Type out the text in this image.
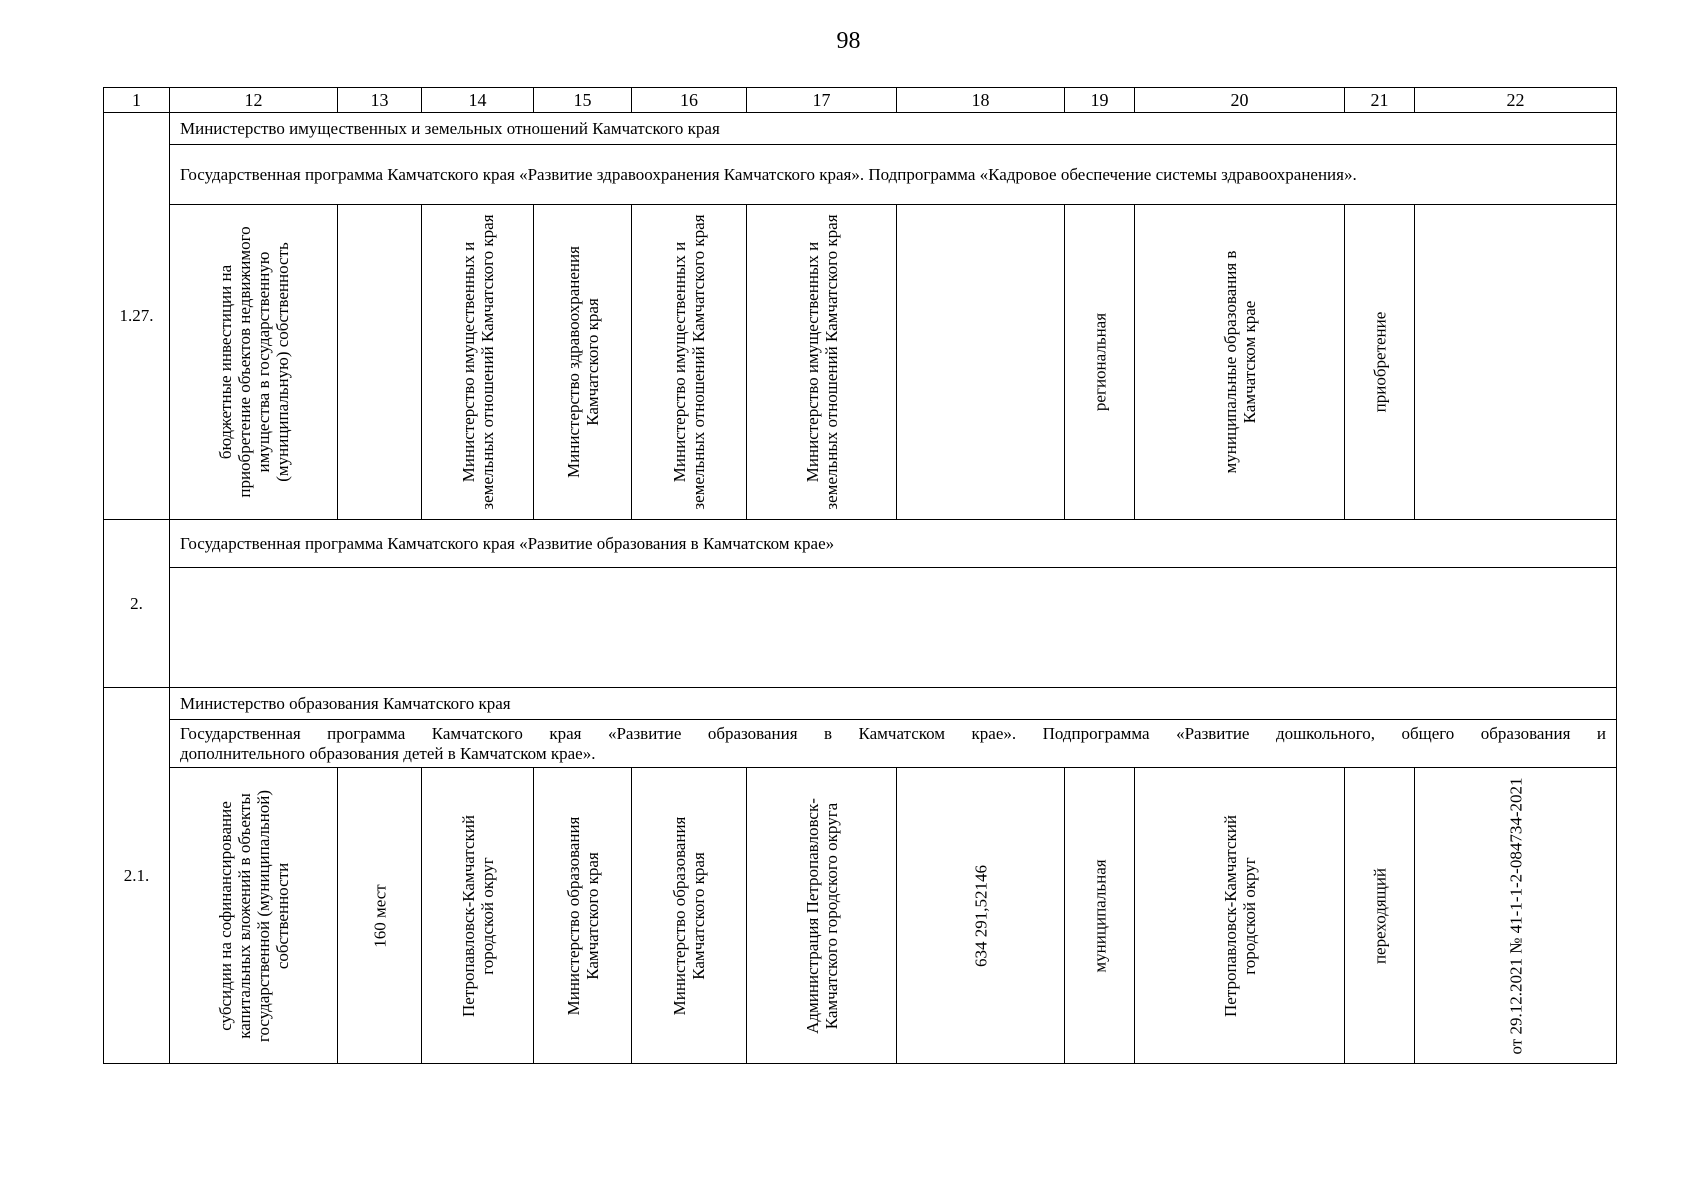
98
1	12	13	14	15	16	17	18	19	20	21	22
1.27.	Министерство имущественных и земельных отношений Камчатского края										
	Государственная программа Камчатского края «Развитие здравоохранения Камчатского края». Подпрограмма «Кадровое обеспечение системы здравоохранения».										

	бюджетные инвестиции на приобретение объектов недвижимого имущества в государственную (муниципальную) собственность		Министерство имущественных и земельных отношений Камчатского края	Министерство здравоохранения Камчатского края	Министерство имущественных и земельных отношений Камчатского края	Министерство имущественных и земельных отношений Камчатского края		региональная	муниципальные образования в Камчатском крае	приобретение	

2.	Государственная программа Камчатского края «Развитие образования в Камчатском крае»										

2.1.	Министерство образования Камчатского края										

	Государственная программа Камчатского края «Развитие образования в Камчатском крае». Подпрограмма «Развитие дошкольного, общего образования и
дополнительного образования детей в Камчатском крае».										

	субсидии на софинансирование капитальных вложений в объекты государственной (муниципальной) собственности	160 мест	Петропавловск-Камчатский городской округ	Министерство образования Камчатского края	Министерство образования Камчатского края	Администрация Петропавловск-Камчатского городского округа	634 291,52146	муниципальная	Петропавловск-Камчатский городской округ	переходящий	от 29.12.2021 № 41-1-1-2-084734-2021
